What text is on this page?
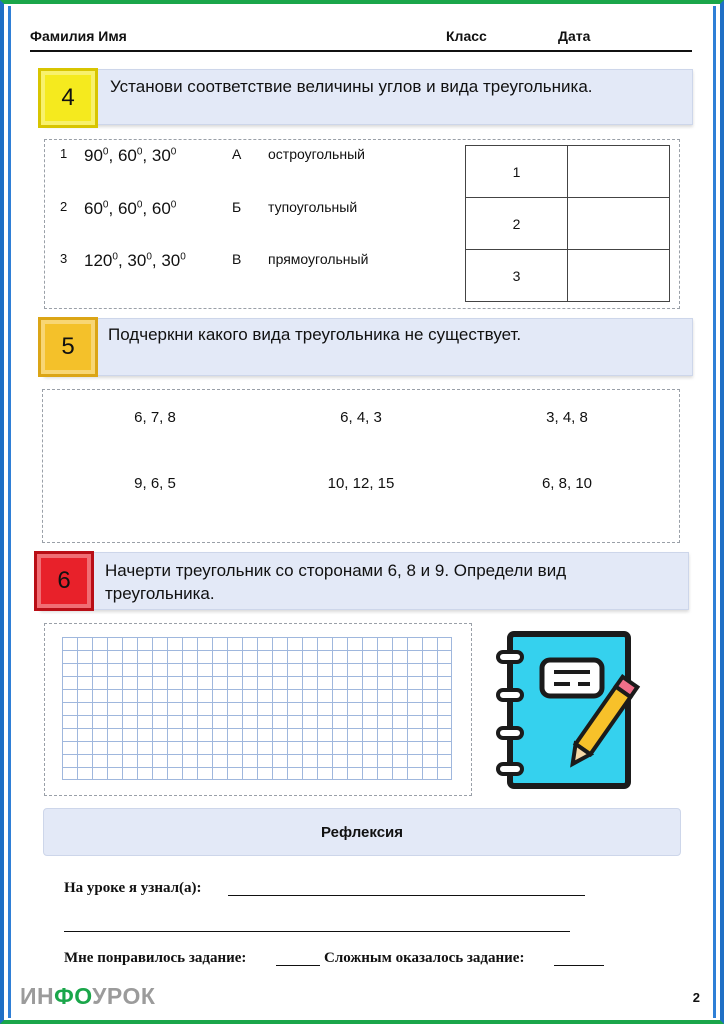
Фамилия Имя	Класс	Дата
4 Установи соответствие величины углов и вида треугольника.
1 $90^0$, $60^0$, $30^0$	А остроугольный
2 $60^0$, $60^0$, $60^0$	Б тупоугольный
3 $120^0$, $30^0$, $30^0$	В прямоугольный
1	
2	
3	
5 Подчеркни какого вида треугольника не существует.
6, 7, 8	6, 4, 3	3, 4, 8
9, 6, 5	10, 12, 15	6, 8, 10
6 Начерти треугольник со сторонами 6, 8 и 9. Определи вид треугольника.
Рефлексия
На уроке я узнал(а):
Мне понравилось задание:	Сложным оказалось задание:
ИНФОУРОК	2
